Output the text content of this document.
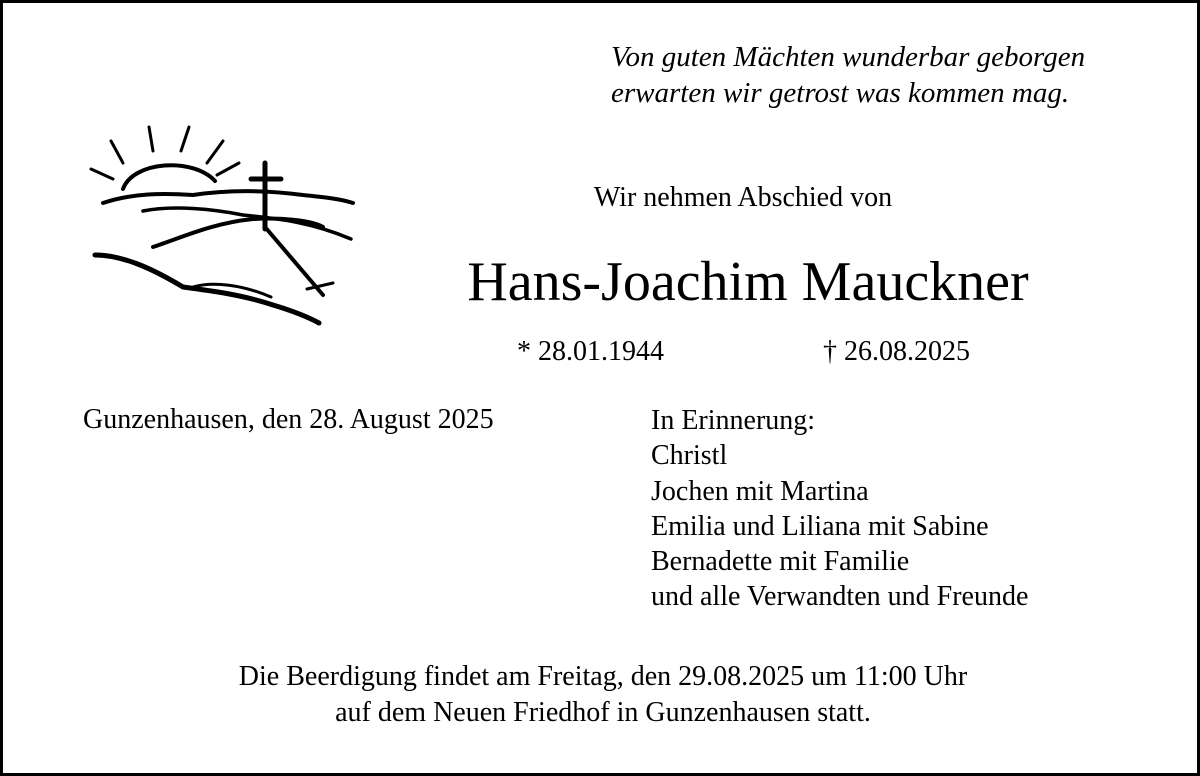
Von guten Mächten wunderbar geborgen
erwarten wir getrost was kommen mag.
Wir nehmen Abschied von
Hans-Joachim Mauckner
* 28.01.1944	† 26.08.2025
Gunzenhausen, den 28. August 2025	In Erinnerung:
Christl
Jochen mit Martina
Emilia und Liliana mit Sabine
Bernadette mit Familie
und alle Verwandten und Freunde
Die Beerdigung findet am Freitag, den 29.08.2025 um 11:00 Uhr
auf dem Neuen Friedhof in Gunzenhausen statt.
